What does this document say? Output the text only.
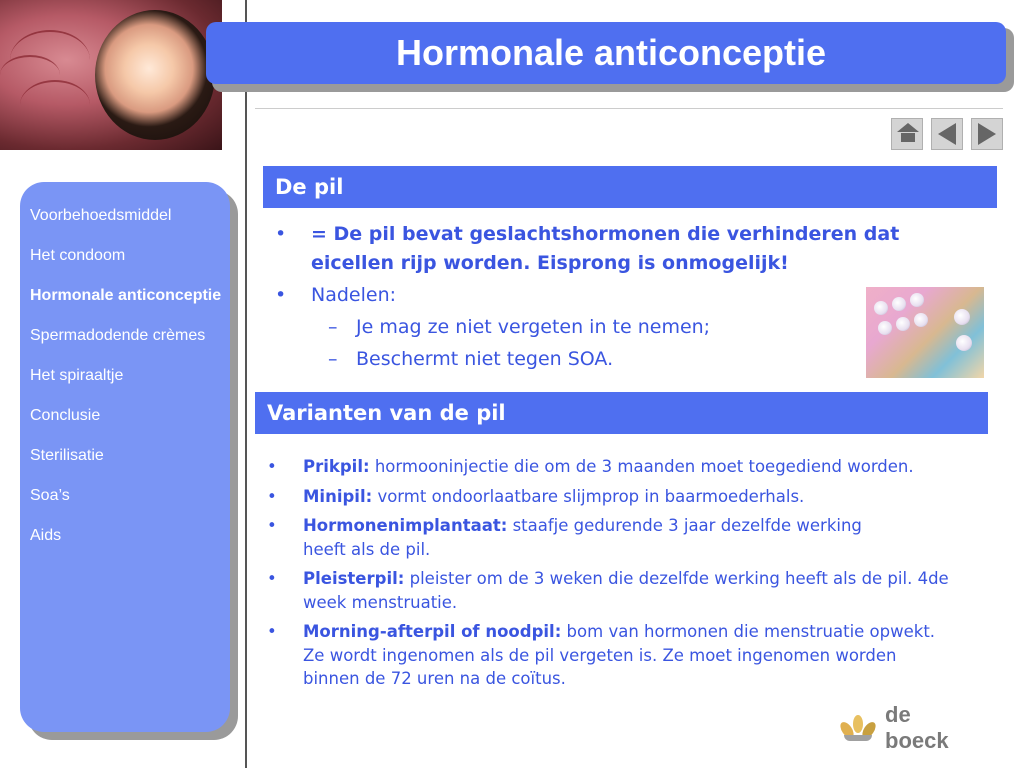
Hormonale anticonceptie
Voorbehoedsmiddel
Het condoom
Hormonale anticonceptie
Spermadodende crèmes
Het spiraaltje
Conclusie
Sterilisatie
Soa’s
Aids
De pil
•	= De pil bevat geslachtshormonen die verhinderen dat eicellen rijp worden. Eisprong is onmogelijk!
•	Nadelen:
– Je mag ze niet vergeten in te nemen;
– Beschermt niet tegen SOA.
Varianten van de pil
•	Prikpil: hormooninjectie die om de 3 maanden moet toegediend worden.
•	Minipil: vormt ondoorlaatbare slijmprop in baarmoederhals.
•	Hormonenimplantaat: staafje gedurende 3 jaar dezelfde werking heeft als de pil.
•	Pleisterpil: pleister om de 3 weken die dezelfde werking heeft als de pil. 4de week menstruatie.
•	Morning-afterpil of noodpil: bom van hormonen die menstruatie opwekt. Ze wordt ingenomen als de pil vergeten is. Ze moet ingenomen worden binnen de 72 uren na de coïtus.
de boeck
